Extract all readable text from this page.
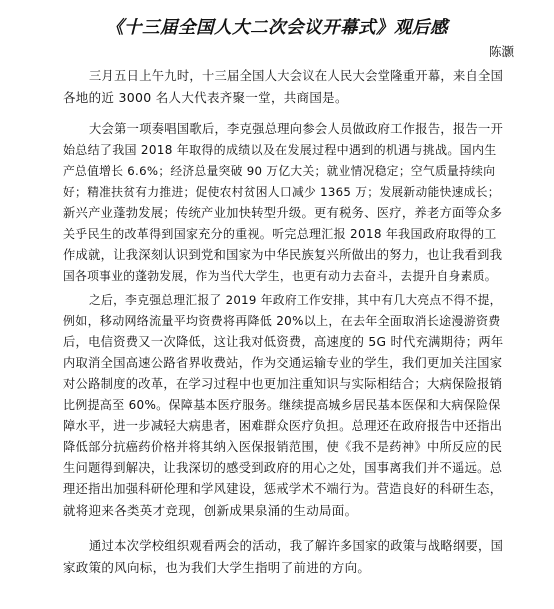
《十三届全国人大二次会议开幕式》观后感
陈灏
三月五日上午九时，十三届全国人大会议在人民大会堂隆重开幕，来自全国
各地的近 3000 名人大代表齐聚一堂，共商国是。
大会第一项奏唱国歌后，李克强总理向参会人员做政府工作报告，报告一开
始总结了我国 2018 年取得的成绩以及在发展过程中遇到的机遇与挑战。国内生
产总值增长 6.6%；经济总量突破 90 万亿大关；就业情况稳定；空气质量持续向
好；精准扶贫有力推进；促使农村贫困人口减少 1365 万；发展新动能快速成长；
新兴产业蓬勃发展；传统产业加快转型升级。更有税务、医疗，养老方面等众多
关乎民生的改革得到国家充分的重视。听完总理汇报 2018 年我国政府取得的工
作成就，让我深刻认识到党和国家为中华民族复兴所做出的努力，也让我看到我
国各项事业的蓬勃发展，作为当代大学生，也更有动力去奋斗，去提升自身素质。
之后，李克强总理汇报了 2019 年政府工作安排，其中有几大亮点不得不提，
例如，移动网络流量平均资费将再降低 20%以上，在去年全面取消长途漫游资费
后，电信资费又一次降低，这让我对低资费，高速度的 5G 时代充满期待；两年
内取消全国高速公路省界收费站，作为交通运输专业的学生，我们更加关注国家
对公路制度的改革，在学习过程中也更加注重知识与实际相结合；大病保险报销
比例提高至 60%。保障基本医疗服务。继续提高城乡居民基本医保和大病保险保
障水平，进一步减轻大病患者，困难群众医疗负担。总理还在政府报告中还指出
降低部分抗癌药价格并将其纳入医保报销范围，使《我不是药神》中所反应的民
生问题得到解决，让我深切的感受到政府的用心之处，国事离我们并不遥远。总
理还指出加强科研伦理和学风建设，惩戒学术不端行为。营造良好的科研生态，
就将迎来各类英才竞现，创新成果泉涌的生动局面。
通过本次学校组织观看两会的活动，我了解许多国家的政策与战略纲要，国
家政策的风向标，也为我们大学生指明了前进的方向。
